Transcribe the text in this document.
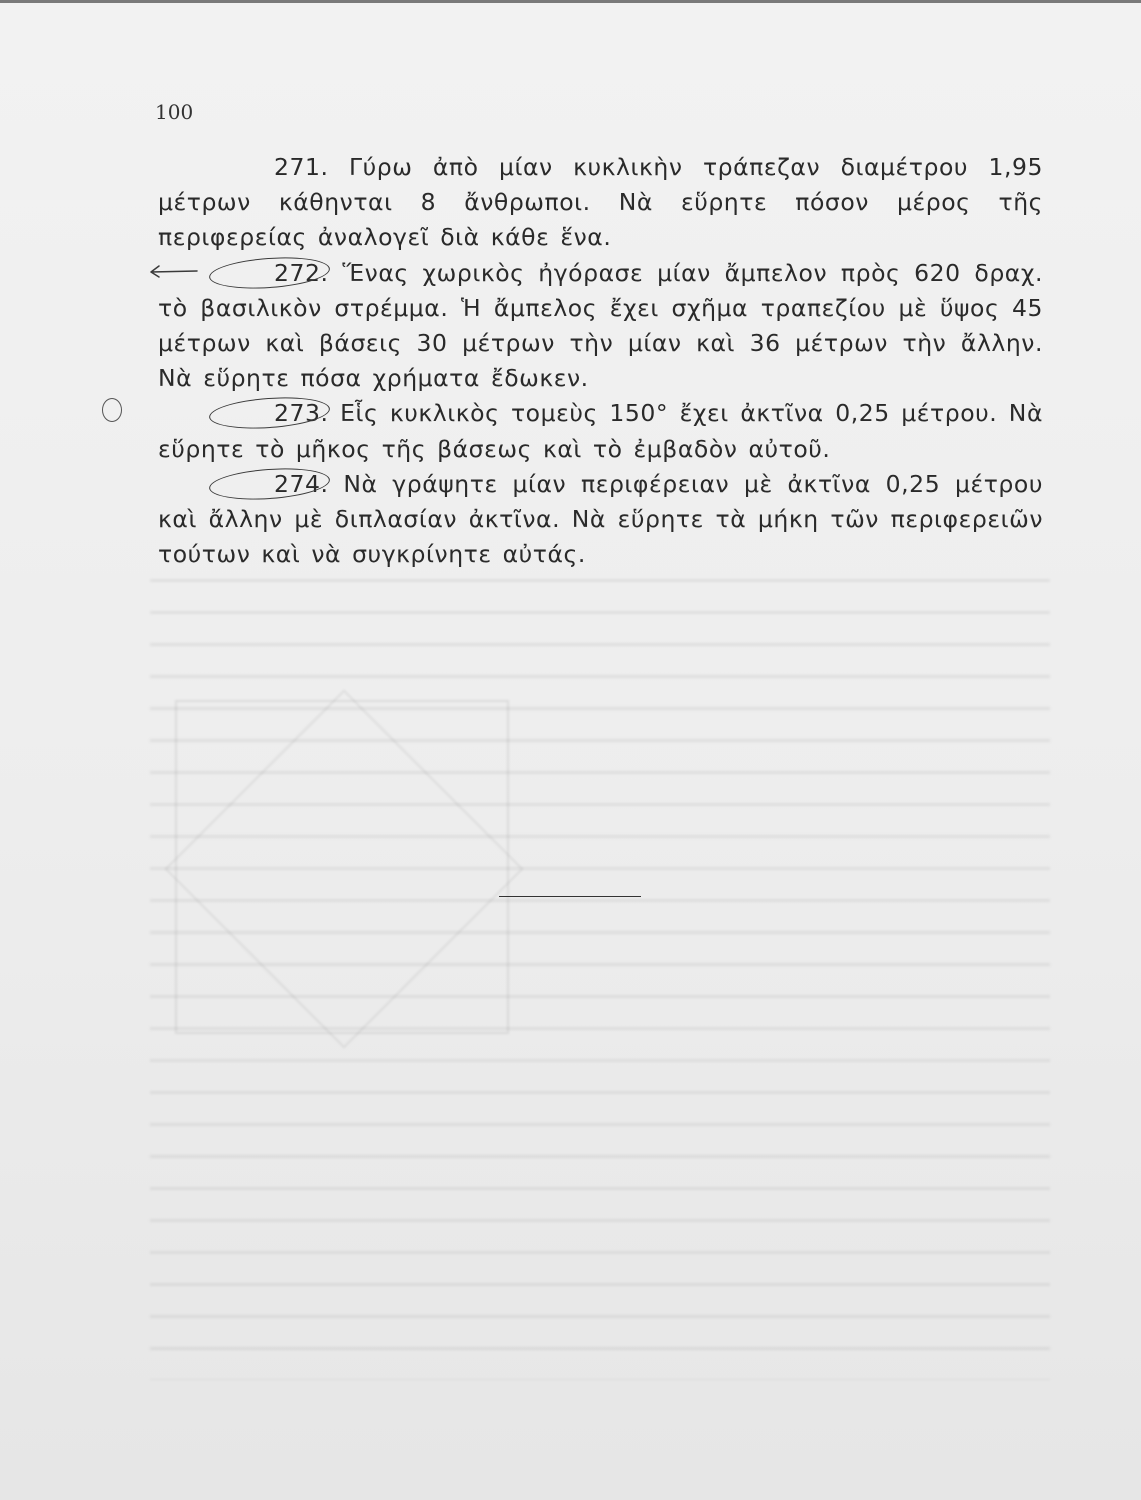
100

271. Γύρω ἀπὸ μίαν κυκλικὴν τράπεζαν διαμέτρου 1,95 μέτρων κάθηνται 8 ἄνθρωποι. Νὰ εὕρητε πόσον μέρος τῆς περιφερείας ἀναλογεῖ διὰ κάθε ἕνα.

272. Ἕνας χωρικὸς ἠγόρασε μίαν ἄμπελον πρὸς 620 δραχ. τὸ βασιλικὸν στρέμμα. Ἡ ἄμπελος ἔχει σχῆμα τραπεζίου μὲ ὕψος 45 μέτρων καὶ βάσεις 30 μέτρων τὴν μίαν καὶ 36 μέτρων τὴν ἄλλην. Νὰ εὕρητε πόσα χρήματα ἔδωκεν.

273. Εἷς κυκλικὸς τομεὺς 150° ἔχει ἀκτῖνα 0,25 μέτρου. Νὰ εὕρητε τὸ μῆκος τῆς βάσεως καὶ τὸ ἐμβαδὸν αὐτοῦ.

274. Νὰ γράψητε μίαν περιφέρειαν μὲ ἀκτῖνα 0,25 μέτρου καὶ ἄλλην μὲ διπλασίαν ἀκτῖνα. Νὰ εὕρητε τὰ μήκη τῶν περιφερειῶν τούτων καὶ νὰ συγκρίνητε αὐτάς.
